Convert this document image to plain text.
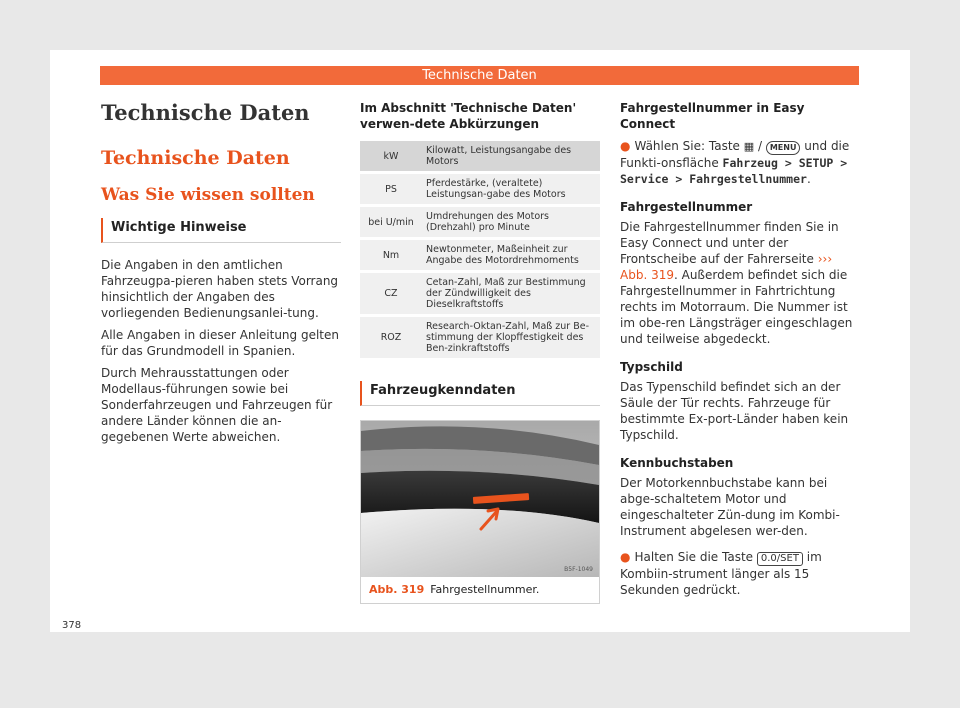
Technische Daten
Technische Daten
Technische Daten
Was Sie wissen sollten
Wichtige Hinweise

Die Angaben in den amtlichen Fahrzeugpa-pieren haben stets Vorrang hinsichtlich der Angaben des vorliegenden Bedienungsanlei-tung.

Alle Angaben in dieser Anleitung gelten für das Grundmodell in Spanien.

Durch Mehrausstattungen oder Modellaus-führungen sowie bei Sonderfahrzeugen und Fahrzeugen für andere Länder können die an-gegebenen Werte abweichen.

Im Abschnitt 'Technische Daten' verwen-dete Abkürzungen
kW	Kilowatt, Leistungsangabe des Motors
PS	Pferdestärke, (veraltete) Leistungsan-gabe des Motors
bei U/min	Umdrehungen des Motors (Drehzahl) pro Minute
Nm	Newtonmeter, Maßeinheit zur Angabe des Motordrehmoments
CZ	Cetan-Zahl, Maß zur Bestimmung der Zündwilligkeit des Dieselkraftstoffs
ROZ	Research-Oktan-Zahl, Maß zur Be-stimmung der Klopffestigkeit des Ben-zinkraftstoffs
Fahrzeugkenndaten
B5F-1049
Abb. 319 Fahrgestellnummer.
Fahrgestellnummer in Easy Connect

● Wählen Sie: Taste ▦ / MENU und die Funkti-onsfläche Fahrzeug > SETUP > Service > Fahrgestellnummer.

Fahrgestellnummer

Die Fahrgestellnummer finden Sie in Easy Connect und unter der Frontscheibe auf der Fahrerseite ››› Abb. 319. Außerdem befindet sich die Fahrgestellnummer in Fahrtrichtung rechts im Motorraum. Die Nummer ist im obe-ren Längsträger eingeschlagen und teilweise abgedeckt.

Typschild

Das Typenschild befindet sich an der Säule der Tür rechts. Fahrzeuge für bestimmte Ex-port-Länder haben kein Typschild.

Kennbuchstaben

Der Motorkennbuchstabe kann bei abge-schaltetem Motor und eingeschalteter Zün-dung im Kombi-Instrument abgelesen wer-den.

● Halten Sie die Taste 0.0/SET im Kombiin-strument länger als 15 Sekunden gedrückt.

378
